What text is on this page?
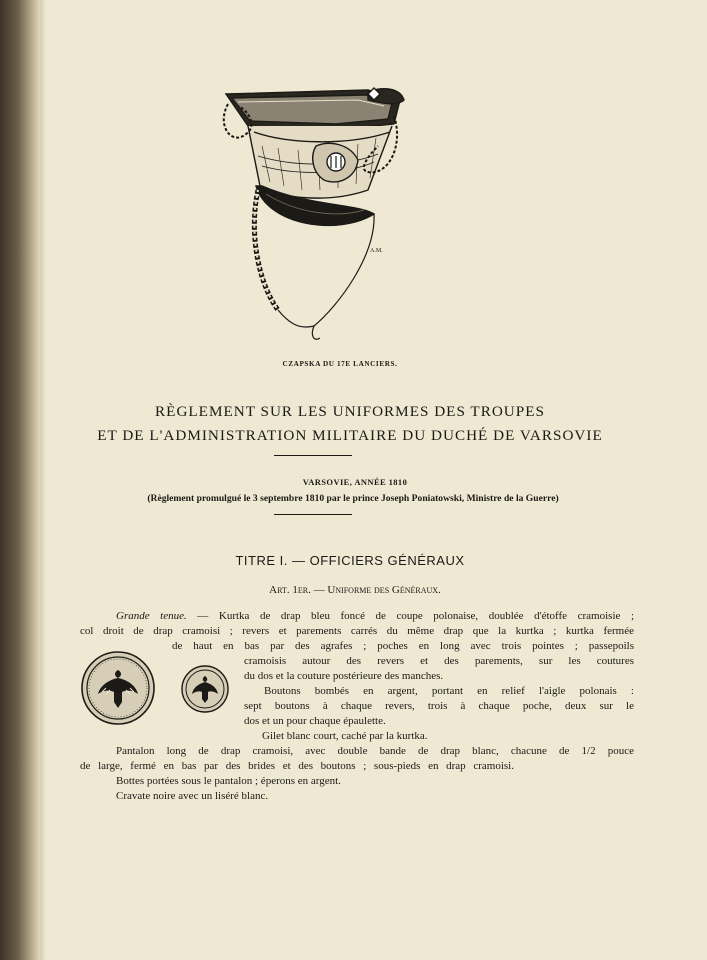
A.M.
CZAPSKA DU 17E LANCIERS.
RÈGLEMENT SUR LES UNIFORMES DES TROUPES
ET DE L'ADMINISTRATION MILITAIRE DU DUCHÉ DE VARSOVIE
VARSOVIE, ANNÉE 1810
(Règlement promulgué le 3 septembre 1810 par le prince Joseph Poniatowski, Ministre de la Guerre)
TITRE I. — OFFICIERS GÉNÉRAUX
Art. 1er. — Uniforme des Généraux.
Grande tenue. — Kurtka de drap bleu foncé de coupe polonaise, doublée d'étoffe cramoisie ;
col droit de drap cramoisi ; revers et parements carrés du même drap que la kurtka ; kurtka fermée
de haut en bas par des agrafes ; poches en long avec trois pointes ; passepoils
cramoisis autour des revers et des parements, sur les coutures
du dos et la couture postérieure des manches.
Boutons bombés en argent, portant en relief l'aigle polonais :
sept boutons à chaque revers, trois à chaque poche, deux sur le
dos et un pour chaque épaulette.
Gilet blanc court, caché par la kurtka.
Pantalon long de drap cramoisi, avec double bande de drap blanc, chacune de 1/2 pouce
de large, fermé en bas par des brides et des boutons ; sous-pieds en drap cramoisi.
Bottes portées sous le pantalon ; éperons en argent.
Cravate noire avec un liséré blanc.
